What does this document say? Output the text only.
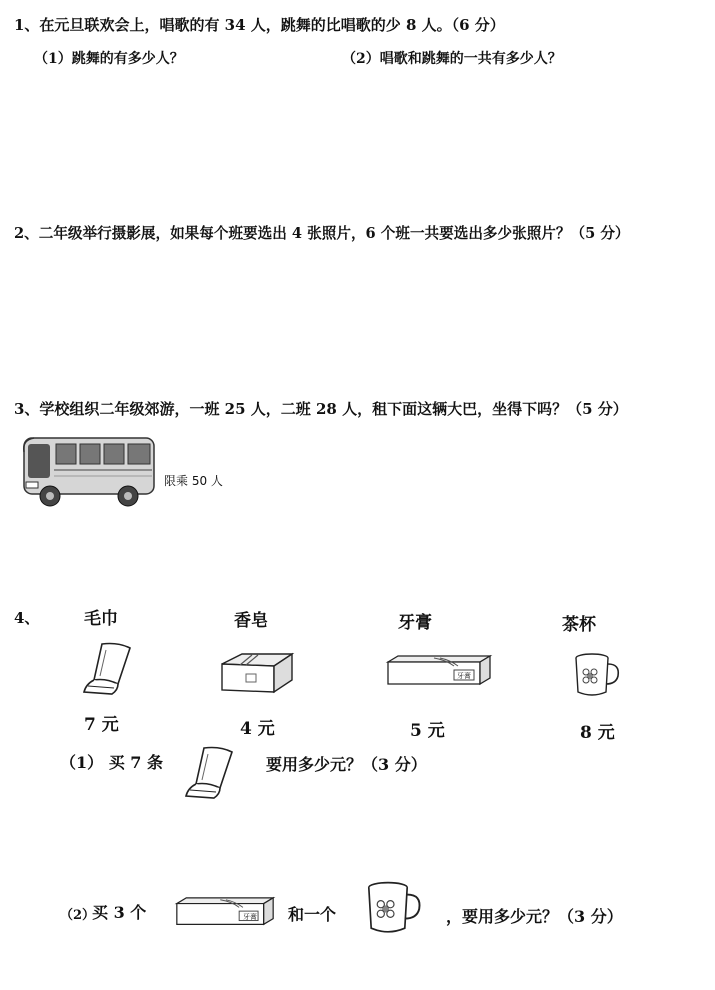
1、在元旦联欢会上，唱歌的有 34 人，跳舞的比唱歌的少 8 人。（6 分）
（1）跳舞的有多少人？	（2）唱歌和跳舞的一共有多少人？
2、二年级举行摄影展，如果每个班要选出 4 张照片，6 个班一共要选出多少张照片？（5 分）
3、学校组织二年级郊游，一班 25 人，二班 28 人，租下面这辆大巴，坐得下吗？（5 分）
限乘 50 人
4、	毛巾	香皂	牙膏	茶杯
牙膏
7 元	4 元	5 元	8 元
（1） 买 7 条	要用多少元？（3 分）
（2）
买 3 个	牙膏 和一个	，要用多少元？（3 分）
